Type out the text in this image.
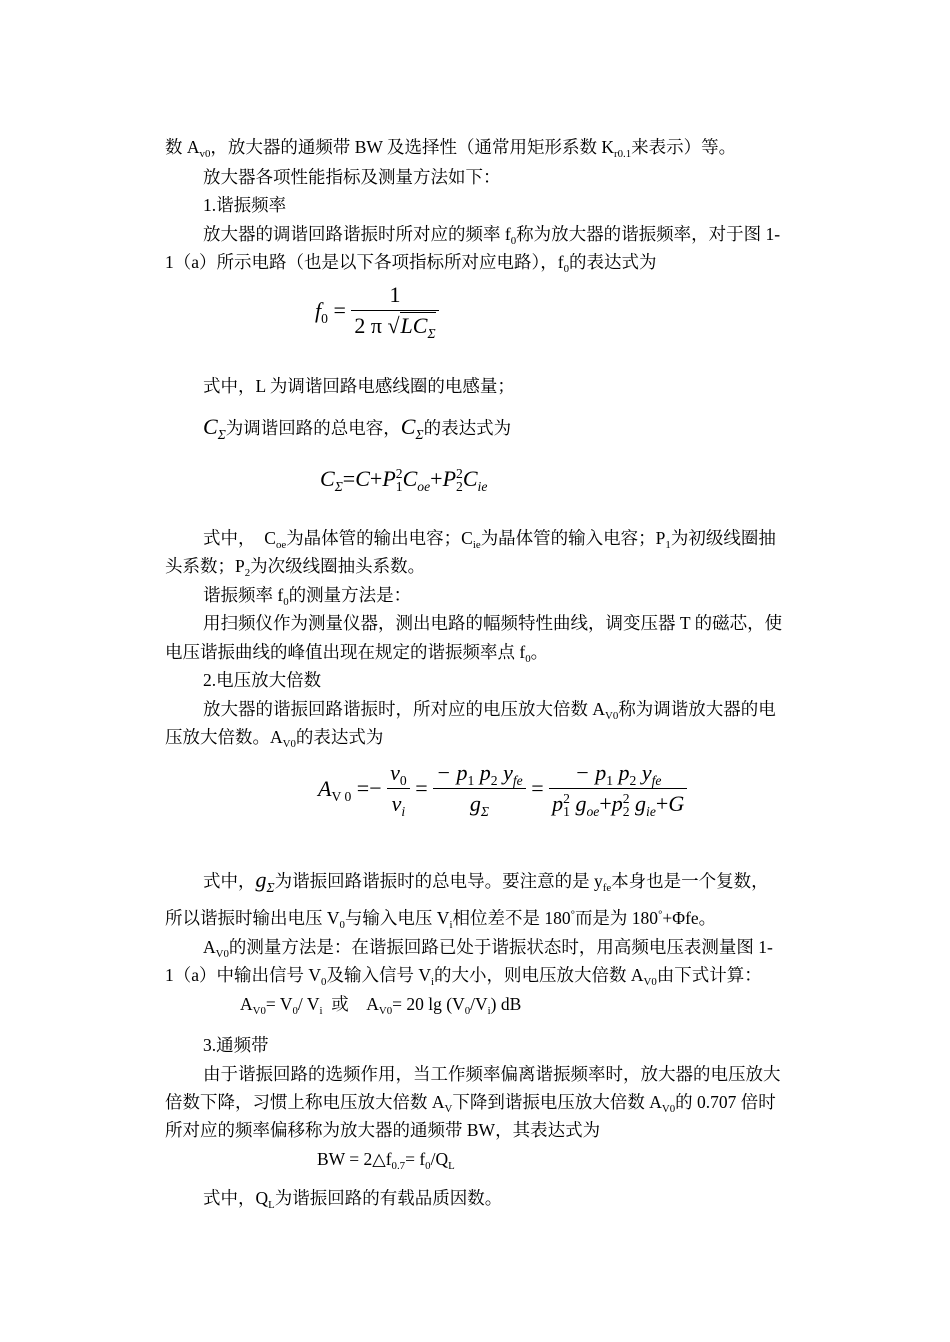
数 $A_{v0}$，放大器的通频带 BW 及选择性（通常用矩形系数 $K_{r0.1}$来表示）等。
放大器各项性能指标及测量方法如下：
1.谐振频率
放大器的调谐回路谐振时所对应的频率 $f_0$称为放大器的谐振频率，对于图 1-
1（a）所示电路（也是以下各项指标所对应电路），$f_0$的表达式为
$f_0 = \frac{1}{2 \pi √LC_\Sigma}$
式中，L 为调谐回路电感线圈的电感量；
$C_\Sigma$为调谐回路的总电容，$C_\Sigma$的表达式为
$C_\Sigma=C+P^2_1C_{oe}+P^2_2C_{ie}$
式中，　$C_{oe}$为晶体管的输出电容；$C_{ie}$为晶体管的输入电容；$P_1$为初级线圈抽
头系数；$P_2$为次级线圈抽头系数。
谐振频率 $f_0$的测量方法是：
用扫频仪作为测量仪器，测出电路的幅频特性曲线，调变压器 T 的磁芯，使
电压谐振曲线的峰值出现在规定的谐振频率点 $f_0$。
2.电压放大倍数
放大器的谐振回路谐振时，所对应的电压放大倍数 $A_{V0}$称为调谐放大器的电
压放大倍数。$A_{V0}$的表达式为
$A_{V 0} =- \frac{v_0}{v_i} = \frac{- p_1 p_2 y_{fe}}{g_\Sigma} = \frac{- p_1 p_2 y_{fe}}{p^2_1 g_{oe}+p^2_2 g_{ie}+G}$
式中，$g_\Sigma$为谐振回路谐振时的总电导。要注意的是 $y_{fe}$本身也是一个复数，
所以谐振时输出电压 $V_0$与输入电压 $V_i$相位差不是 180°而是为 180°+Φfe。
$A_{V0}$的测量方法是：在谐振回路已处于谐振状态时，用高频电压表测量图 1-
1（a）中输出信号 $V_0$及输入信号 $V_i$的大小，则电压放大倍数 $A_{V0}$由下式计算：
$A_{V0}= V_0/$ $V_i$  或    $A_{V0}= 20$ $\lg (V_0/V_i)$ dB
3.通频带
由于谐振回路的选频作用，当工作频率偏离谐振频率时，放大器的电压放大
倍数下降，习惯上称电压放大倍数 $A_V$下降到谐振电压放大倍数 $A_{V0}$的 0.707 倍时
所对应的频率偏移称为放大器的通频带 BW，其表达式为
BW = $2\triangle f_{0.7}= f_0/Q_L$
式中，$Q_L$为谐振回路的有载品质因数。
